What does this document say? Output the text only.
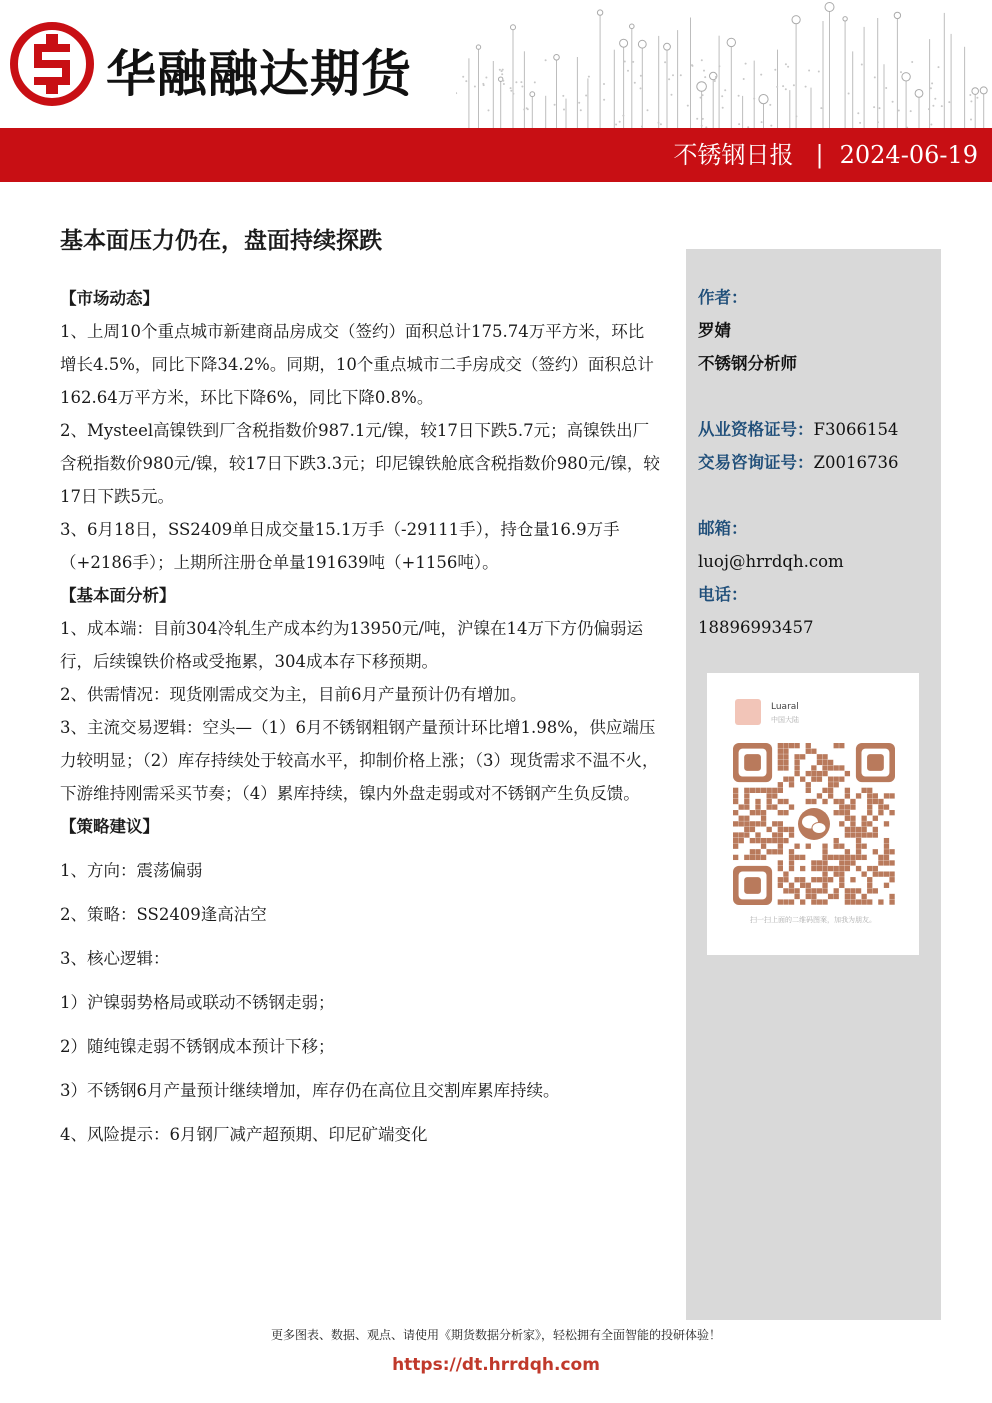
华融融达期货
不锈钢日报 | 2024-06-19
基本面压力仍在，盘面持续探跌

【市场动态】

1、上周10个重点城市新建商品房成交（签约）面积总计175.74万平方米，环比增长4.5%，同比下降34.2%。同期，10个重点城市二手房成交（签约）面积总计162.64万平方米，环比下降6%，同比下降0.8%。

2、Mysteel高镍铁到厂含税指数价987.1元/镍，较17日下跌5.7元；高镍铁出厂含税指数价980元/镍，较17日下跌3.3元；印尼镍铁舱底含税指数价980元/镍，较17日下跌5元。

3、6月18日，SS2409单日成交量15.1万手（-29111手），持仓量16.9万手（+2186手）；上期所注册仓单量191639吨（+1156吨）。

【基本面分析】

1、成本端：目前304冷轧生产成本约为13950元/吨，沪镍在14万下方仍偏弱运行，后续镍铁价格或受拖累，304成本存下移预期。

2、供需情况：现货刚需成交为主，目前6月产量预计仍有增加。

3、主流交易逻辑：空头—（1）6月不锈钢粗钢产量预计环比增1.98%，供应端压力较明显；（2）库存持续处于较高水平，抑制价格上涨；（3）现货需求不温不火，下游维持刚需采买节奏；（4）累库持续，镍内外盘走弱或对不锈钢产生负反馈。

【策略建议】

1、方向：震荡偏弱

2、策略：SS2409逢高沽空

3、核心逻辑：

1）沪镍弱势格局或联动不锈钢走弱；

2）随纯镍走弱不锈钢成本预计下移；

3）不锈钢6月产量预计继续增加，库存仍在高位且交割库累库持续。

4、风险提示：6月钢厂减产超预期、印尼矿端变化

作者：
罗婧
不锈钢分析师
从业资格证号：F3066154
交易咨询证号：Z0016736
邮箱：
luoj@hrrdqh.com
电话：
18896993457
Luaral
中国大陆
扫一扫上面的二维码图案，加我为朋友。
更多图表、数据、观点、请使用《期货数据分析家》，轻松拥有全面智能的投研体验！
https://dt.hrrdqh.com
